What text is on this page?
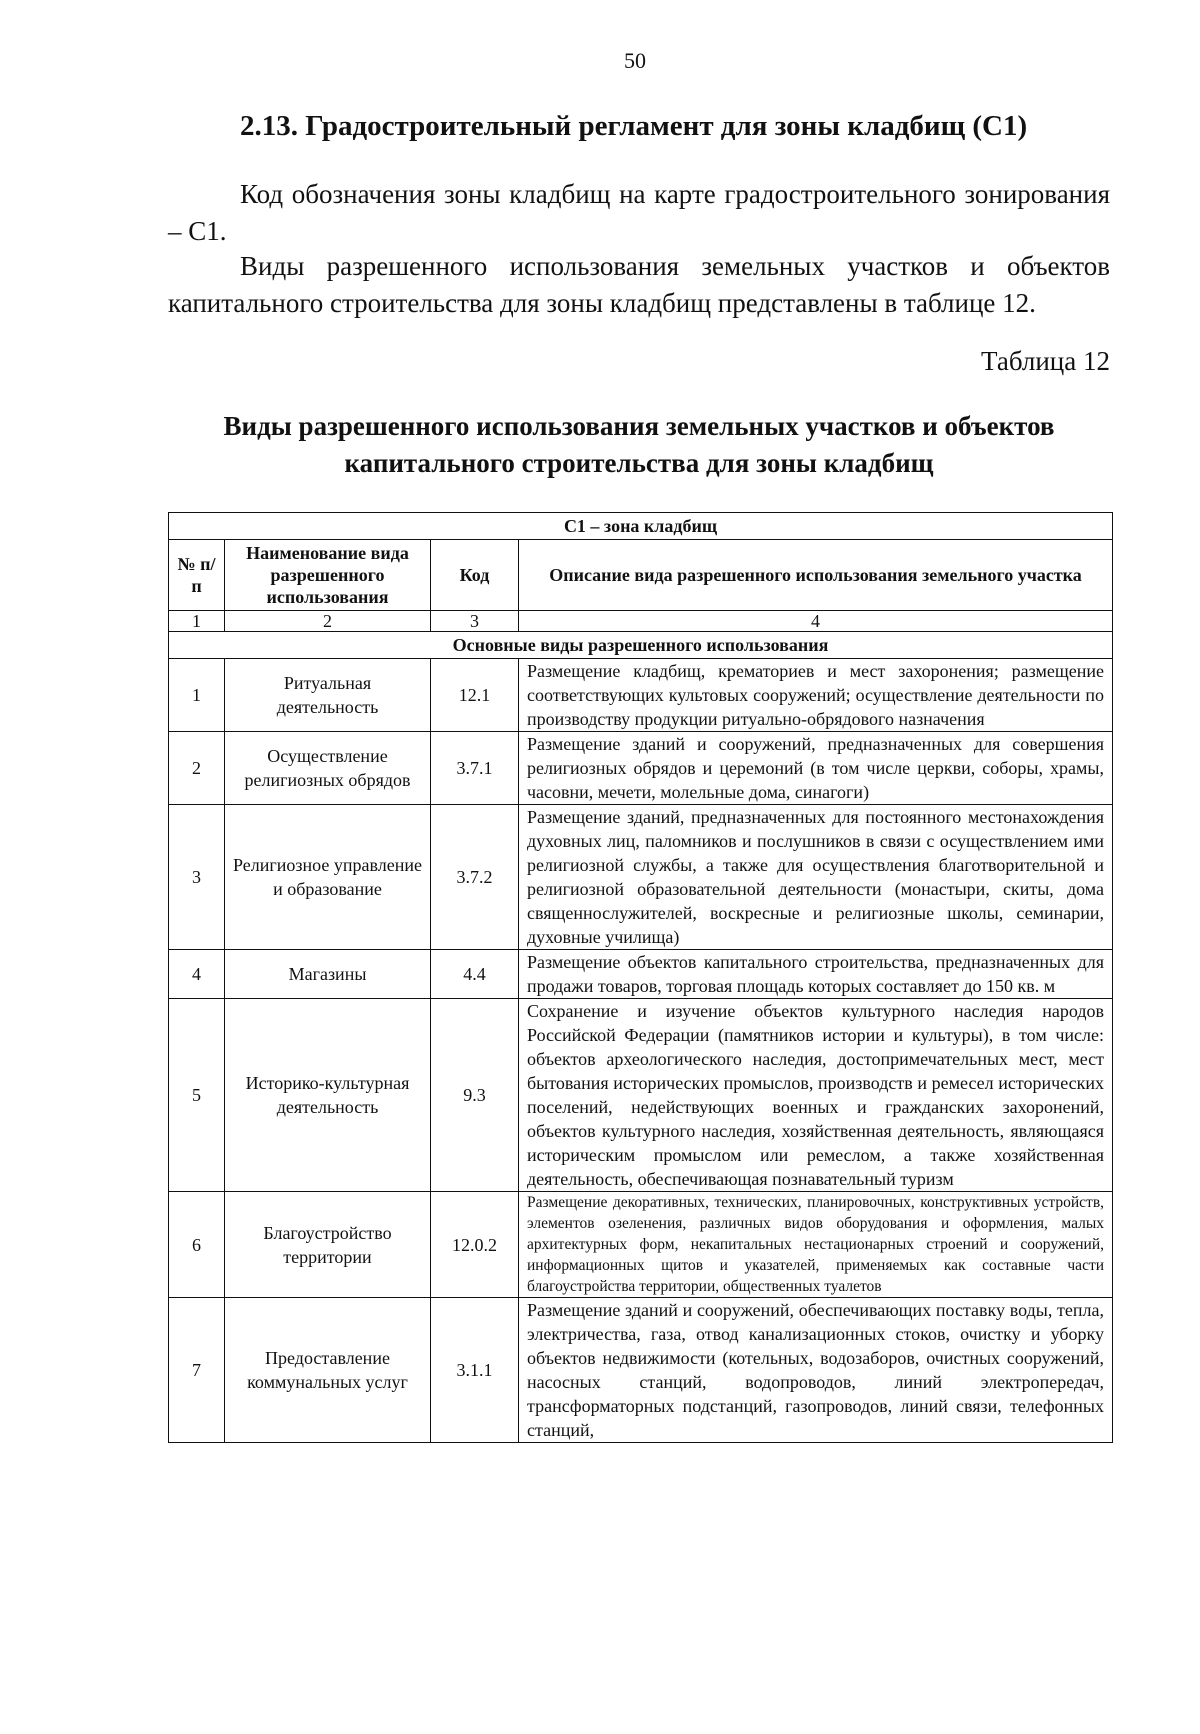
50
2.13. Градостроительный регламент для зоны кладбищ (С1)
Код обозначения зоны кладбищ на карте градостроительного зонирования – С1.
Виды разрешенного использования земельных участков и объектов капитального строительства для зоны кладбищ представлены в таблице 12.
Таблица 12
Виды разрешенного использования земельных участков и объектов капитального строительства для зоны кладбищ
С1 – зона кладбищ			
№ п/п	Наименование вида разрешенного использования	Код	Описание вида разрешенного использования земельного участка
1	2	3	4
Основные виды разрешенного использования			
1	Ритуальная деятельность	12.1	Размещение кладбищ, крематориев и мест захоронения; размещение соответствующих культовых сооружений; осуществление деятельности по производству продукции ритуально-обрядового назначения
2	Осуществление религиозных обрядов	3.7.1	Размещение зданий и сооружений, предназначенных для совершения религиозных обрядов и церемоний (в том числе церкви, соборы, храмы, часовни, мечети, молельные дома, синагоги)
3	Религиозное управление и образование	3.7.2	Размещение зданий, предназначенных для постоянного местонахождения духовных лиц, паломников и послушников в связи с осуществлением ими религиозной службы, а также для осуществления благотворительной и религиозной образовательной деятельности (монастыри, скиты, дома священнослужителей, воскресные и религиозные школы, семинарии, духовные училища)
4	Магазины	4.4	Размещение объектов капитального строительства, предназначенных для продажи товаров, торговая площадь которых составляет до 150 кв. м
5	Историко-культурная деятельность	9.3	Сохранение и изучение объектов культурного наследия народов Российской Федерации (памятников истории и культуры), в том числе: объектов археологического наследия, достопримечательных мест, мест бытования исторических промыслов, производств и ремесел исторических поселений, недействующих военных и гражданских захоронений, объектов культурного наследия, хозяйственная деятельность, являющаяся историческим промыслом или ремеслом, а также хозяйственная деятельность, обеспечивающая познавательный туризм
6	Благоустройство территории	12.0.2	Размещение декоративных, технических, планировочных, конструктивных устройств, элементов озеленения, различных видов оборудования и оформления, малых архитектурных форм, некапитальных нестационарных строений и сооружений, информационных щитов и указателей, применяемых как составные части благоустройства территории, общественных туалетов
7	Предоставление коммунальных услуг	3.1.1	Размещение зданий и сооружений, обеспечивающих поставку воды, тепла, электричества, газа, отвод канализационных стоков, очистку и уборку объектов недвижимости (котельных, водозаборов, очистных сооружений, насосных станций, водопроводов, линий электропередач, трансформаторных подстанций, газопроводов, линий связи, телефонных станций,
